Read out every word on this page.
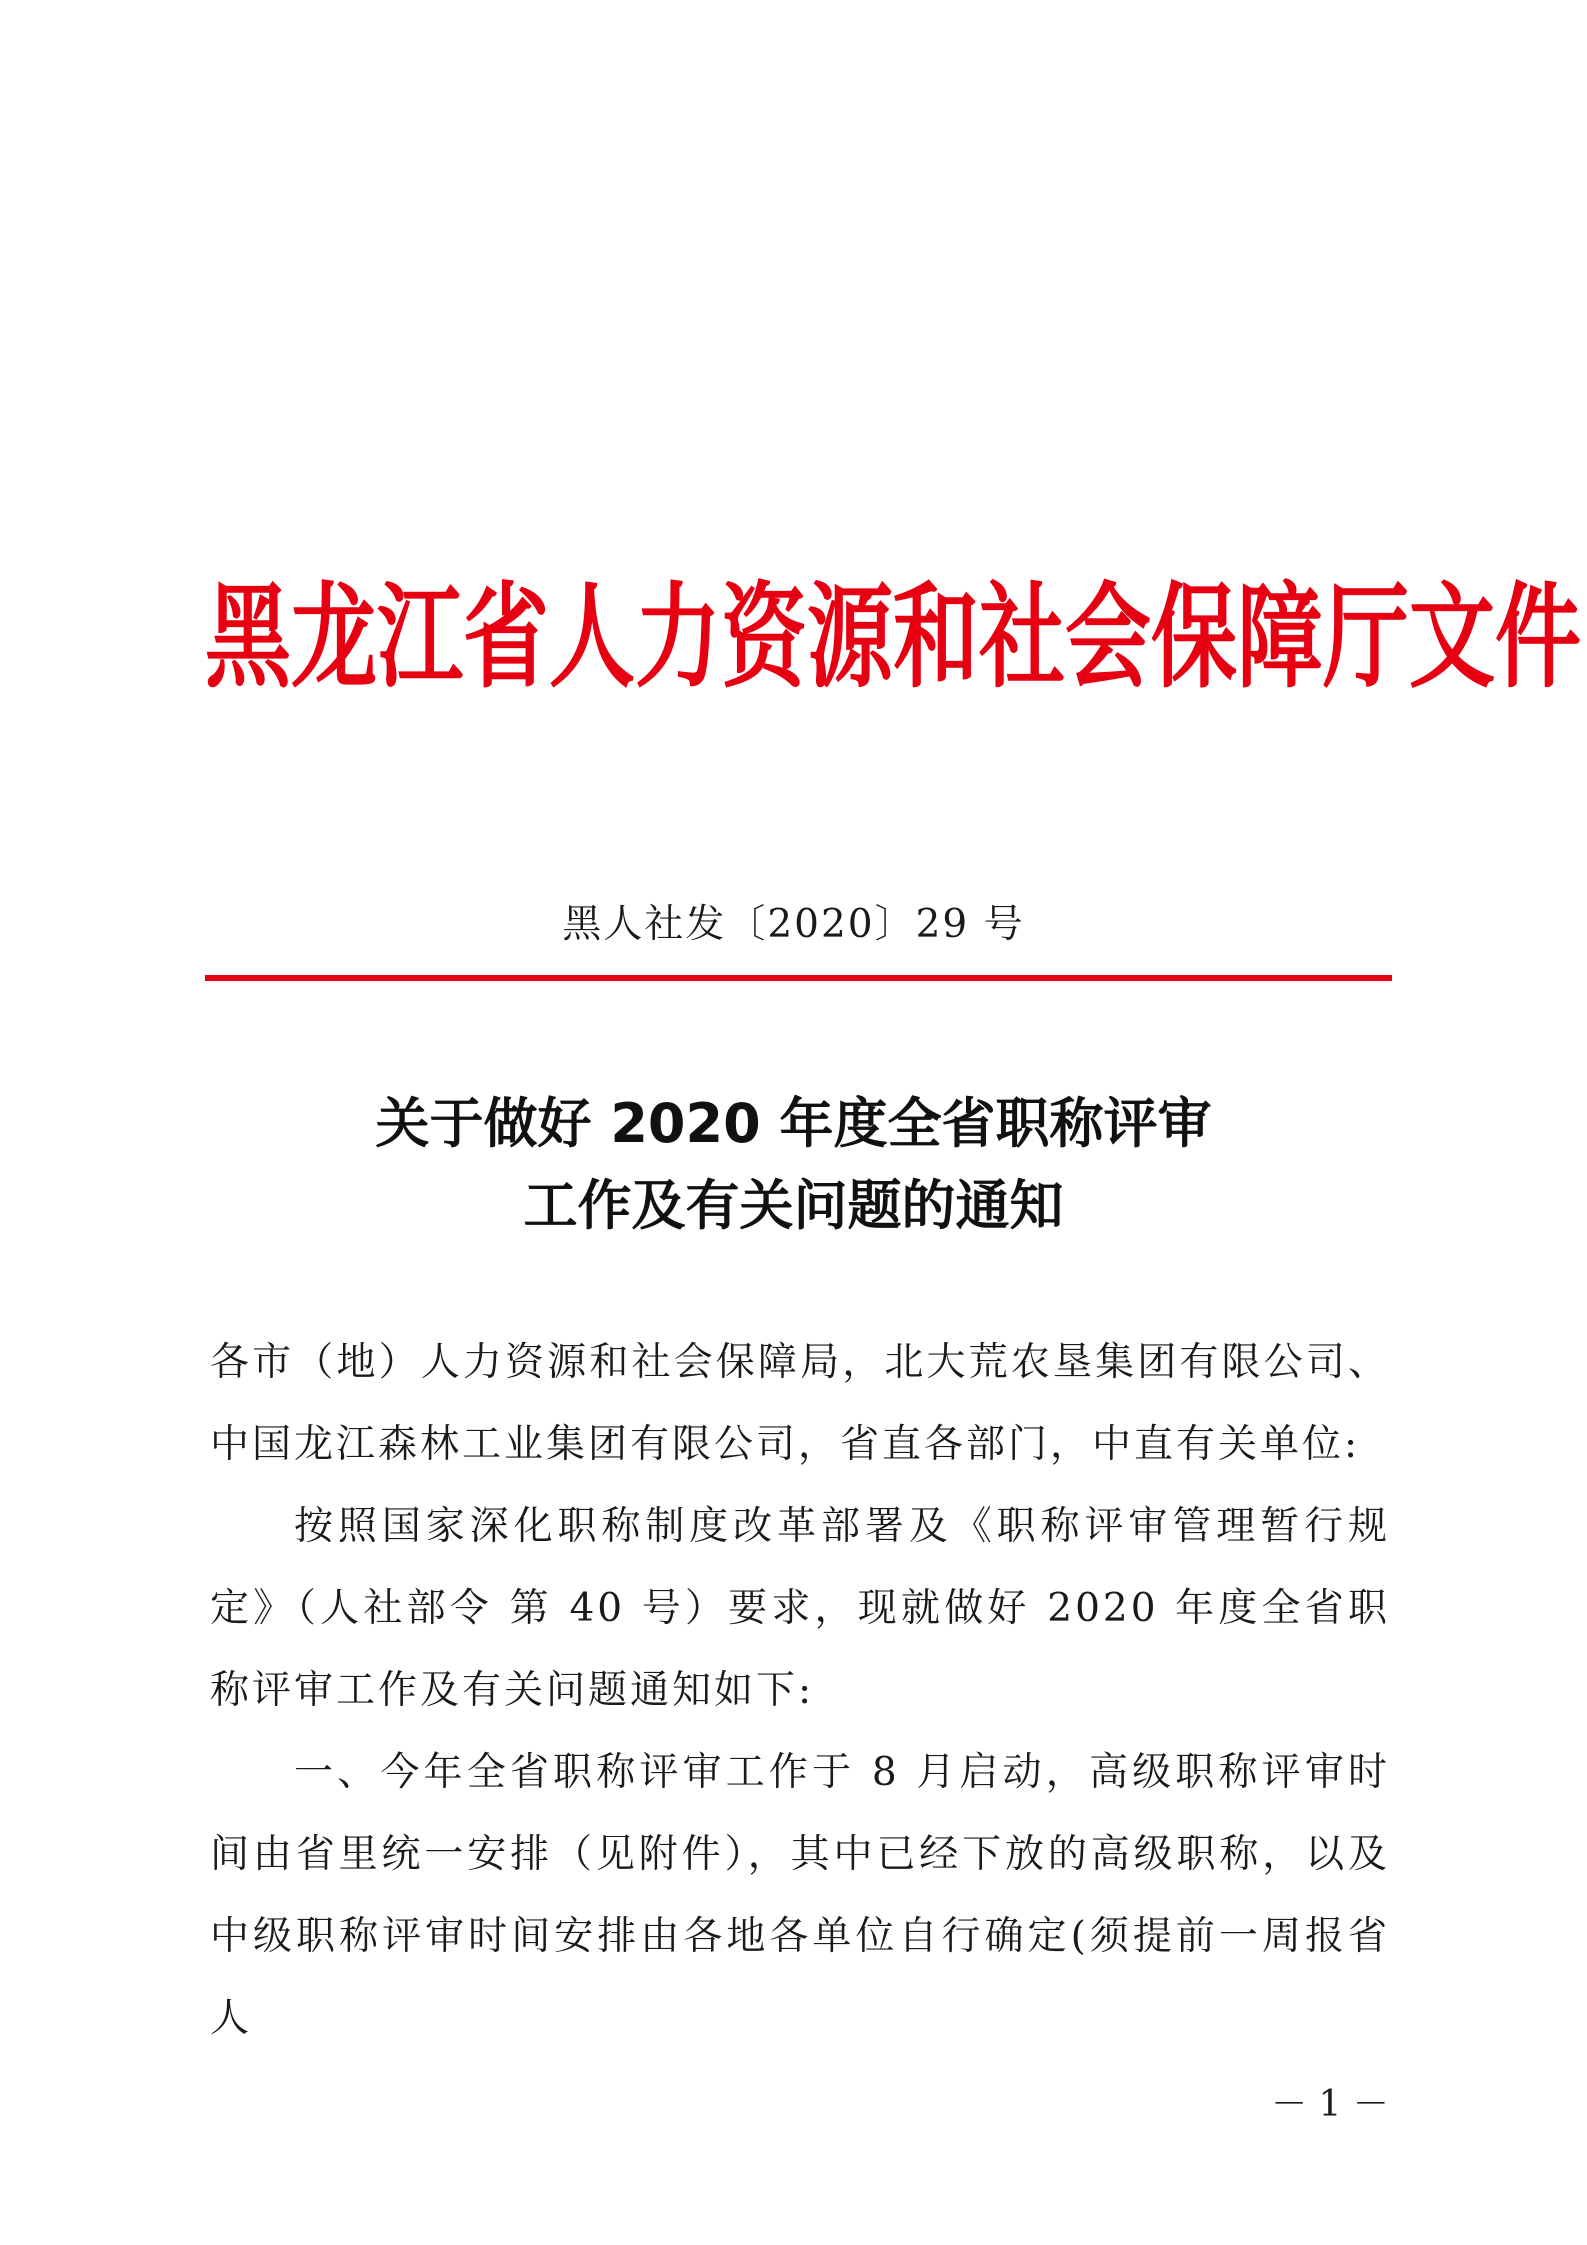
黑龙江省人力资源和社会保障厅文件
黑人社发〔2020〕29 号
关于做好 2020 年度全省职称评审
工作及有关问题的通知

各市（地）人力资源和社会保障局，北大荒农垦集团有限公司、中国龙江森林工业集团有限公司，省直各部门，中直有关单位:

按照国家深化职称制度改革部署及《职称评审管理暂行规定》（人社部令 第 40 号）要求，现就做好 2020 年度全省职称评审工作及有关问题通知如下:

一、今年全省职称评审工作于 8 月启动，高级职称评审时间由省里统一安排（见附件），其中已经下放的高级职称，以及中级职称评审时间安排由各地各单位自行确定(须提前一周报省人

－ 1 －
